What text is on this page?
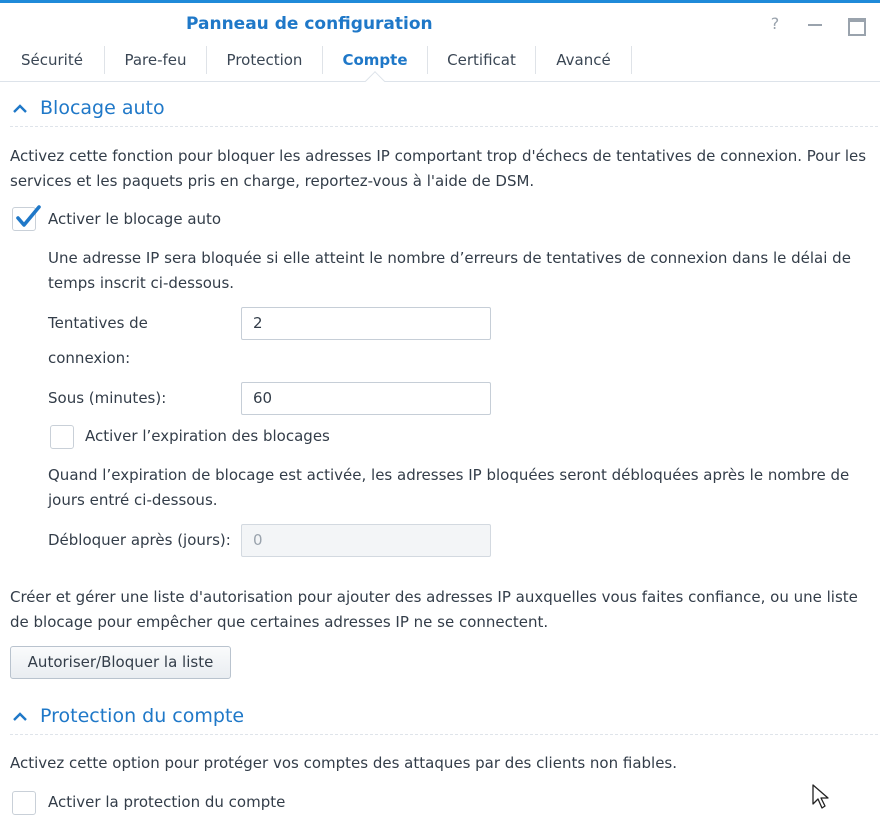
Panneau de configuration	?
Sécurité	Pare-feu	Protection	Compte	Certificat	Avancé
Blocage auto
Activez cette fonction pour bloquer les adresses IP comportant trop d'échecs de tentatives de connexion. Pour les services et les paquets pris en charge, reportez-vous à l'aide de DSM.
Activer le blocage auto
Une adresse IP sera bloquée si elle atteint le nombre d’erreurs de tentatives de connexion dans le délai de temps inscrit ci-dessous.
Tentatives de
connexion:
2
Sous (minutes):	60
Activer l’expiration des blocages
Quand l’expiration de blocage est activée, les adresses IP bloquées seront débloquées après le nombre de jours entré ci-dessous.
Débloquer après (jours):	0
Créer et gérer une liste d'autorisation pour ajouter des adresses IP auxquelles vous faites confiance, ou une liste de blocage pour empêcher que certaines adresses IP ne se connectent.
Autoriser/Bloquer la liste
Protection du compte
Activez cette option pour protéger vos comptes des attaques par des clients non fiables.
Activer la protection du compte
